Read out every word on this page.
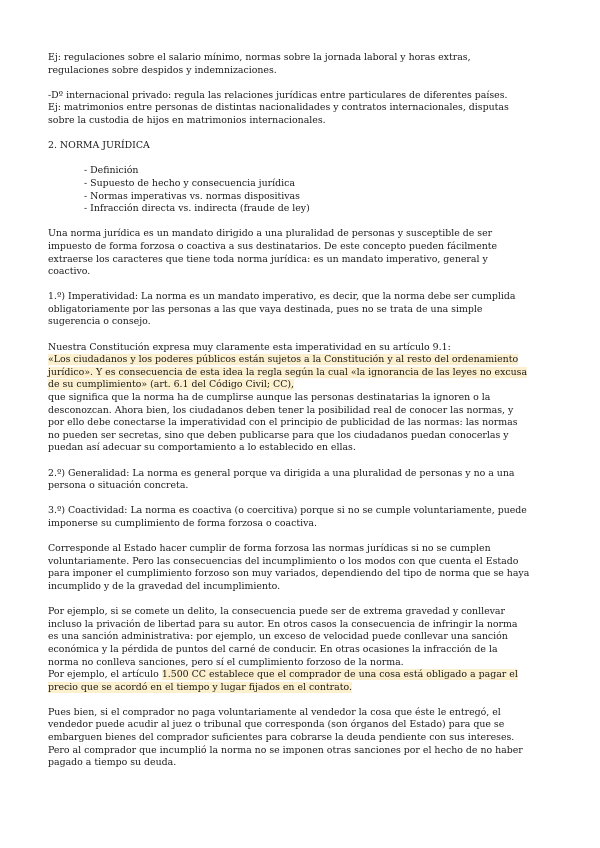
Ej: regulaciones sobre el salario mínimo, normas sobre la jornada laboral y horas extras, regulaciones sobre despidos y indemnizaciones.

-Dº internacional privado: regula las relaciones jurídicas entre particulares de diferentes países.
Ej: matrimonios entre personas de distintas nacionalidades y contratos internacionales, disputas sobre la custodia de hijos en matrimonios internacionales.

2. NORMA JURÍDICA

- Definición
- Supuesto de hecho y consecuencia jurídica
- Normas imperativas vs. normas dispositivas
- Infracción directa vs. indirecta (fraude de ley)

Una norma jurídica es un mandato dirigido a una pluralidad de personas y susceptible de ser impuesto de forma forzosa o coactiva a sus destinatarios. De este concepto pueden fácilmente extraerse los caracteres que tiene toda norma jurídica: es un mandato imperativo, general y coactivo.

1.º) Imperatividad: La norma es un mandato imperativo, es decir, que la norma debe ser cumplida obligatoriamente por las personas a las que vaya destinada, pues no se trata de una simple sugerencia o consejo.

Nuestra Constitución expresa muy claramente esta imperatividad en su artículo 9.1:
«Los ciudadanos y los poderes públicos están sujetos a la Constitución y al resto del ordenamiento jurídico». Y es consecuencia de esta idea la regla según la cual «la ignorancia de las leyes no excusa de su cumplimiento» (art. 6.1 del Código Civil; CC),
que significa que la norma ha de cumplirse aunque las personas destinatarias la ignoren o la desconozcan. Ahora bien, los ciudadanos deben tener la posibilidad real de conocer las normas, y por ello debe conectarse la imperatividad con el principio de publicidad de las normas: las normas no pueden ser secretas, sino que deben publicarse para que los ciudadanos puedan conocerlas y puedan así adecuar su comportamiento a lo establecido en ellas.

2.º) Generalidad: La norma es general porque va dirigida a una pluralidad de personas y no a una persona o situación concreta.

3.º) Coactividad: La norma es coactiva (o coercitiva) porque si no se cumple voluntariamente, puede imponerse su cumplimiento de forma forzosa o coactiva.

Corresponde al Estado hacer cumplir de forma forzosa las normas jurídicas si no se cumplen voluntariamente. Pero las consecuencias del incumplimiento o los modos con que cuenta el Estado para imponer el cumplimiento forzoso son muy variados, dependiendo del tipo de norma que se haya incumplido y de la gravedad del incumplimiento.

Por ejemplo, si se comete un delito, la consecuencia puede ser de extrema gravedad y conllevar incluso la privación de libertad para su autor. En otros casos la consecuencia de infringir la norma es una sanción administrativa: por ejemplo, un exceso de velocidad puede conllevar una sanción económica y la pérdida de puntos del carné de conducir. En otras ocasiones la infracción de la norma no conlleva sanciones, pero sí el cumplimiento forzoso de la norma.
Por ejemplo, el artículo 1.500 CC establece que el comprador de una cosa está obligado a pagar el precio que se acordó en el tiempo y lugar fijados en el contrato.

Pues bien, si el comprador no paga voluntariamente al vendedor la cosa que éste le entregó, el vendedor puede acudir al juez o tribunal que corresponda (son órganos del Estado) para que se embarguen bienes del comprador suficientes para cobrarse la deuda pendiente con sus intereses. Pero al comprador que incumplió la norma no se imponen otras sanciones por el hecho de no haber pagado a tiempo su deuda.
